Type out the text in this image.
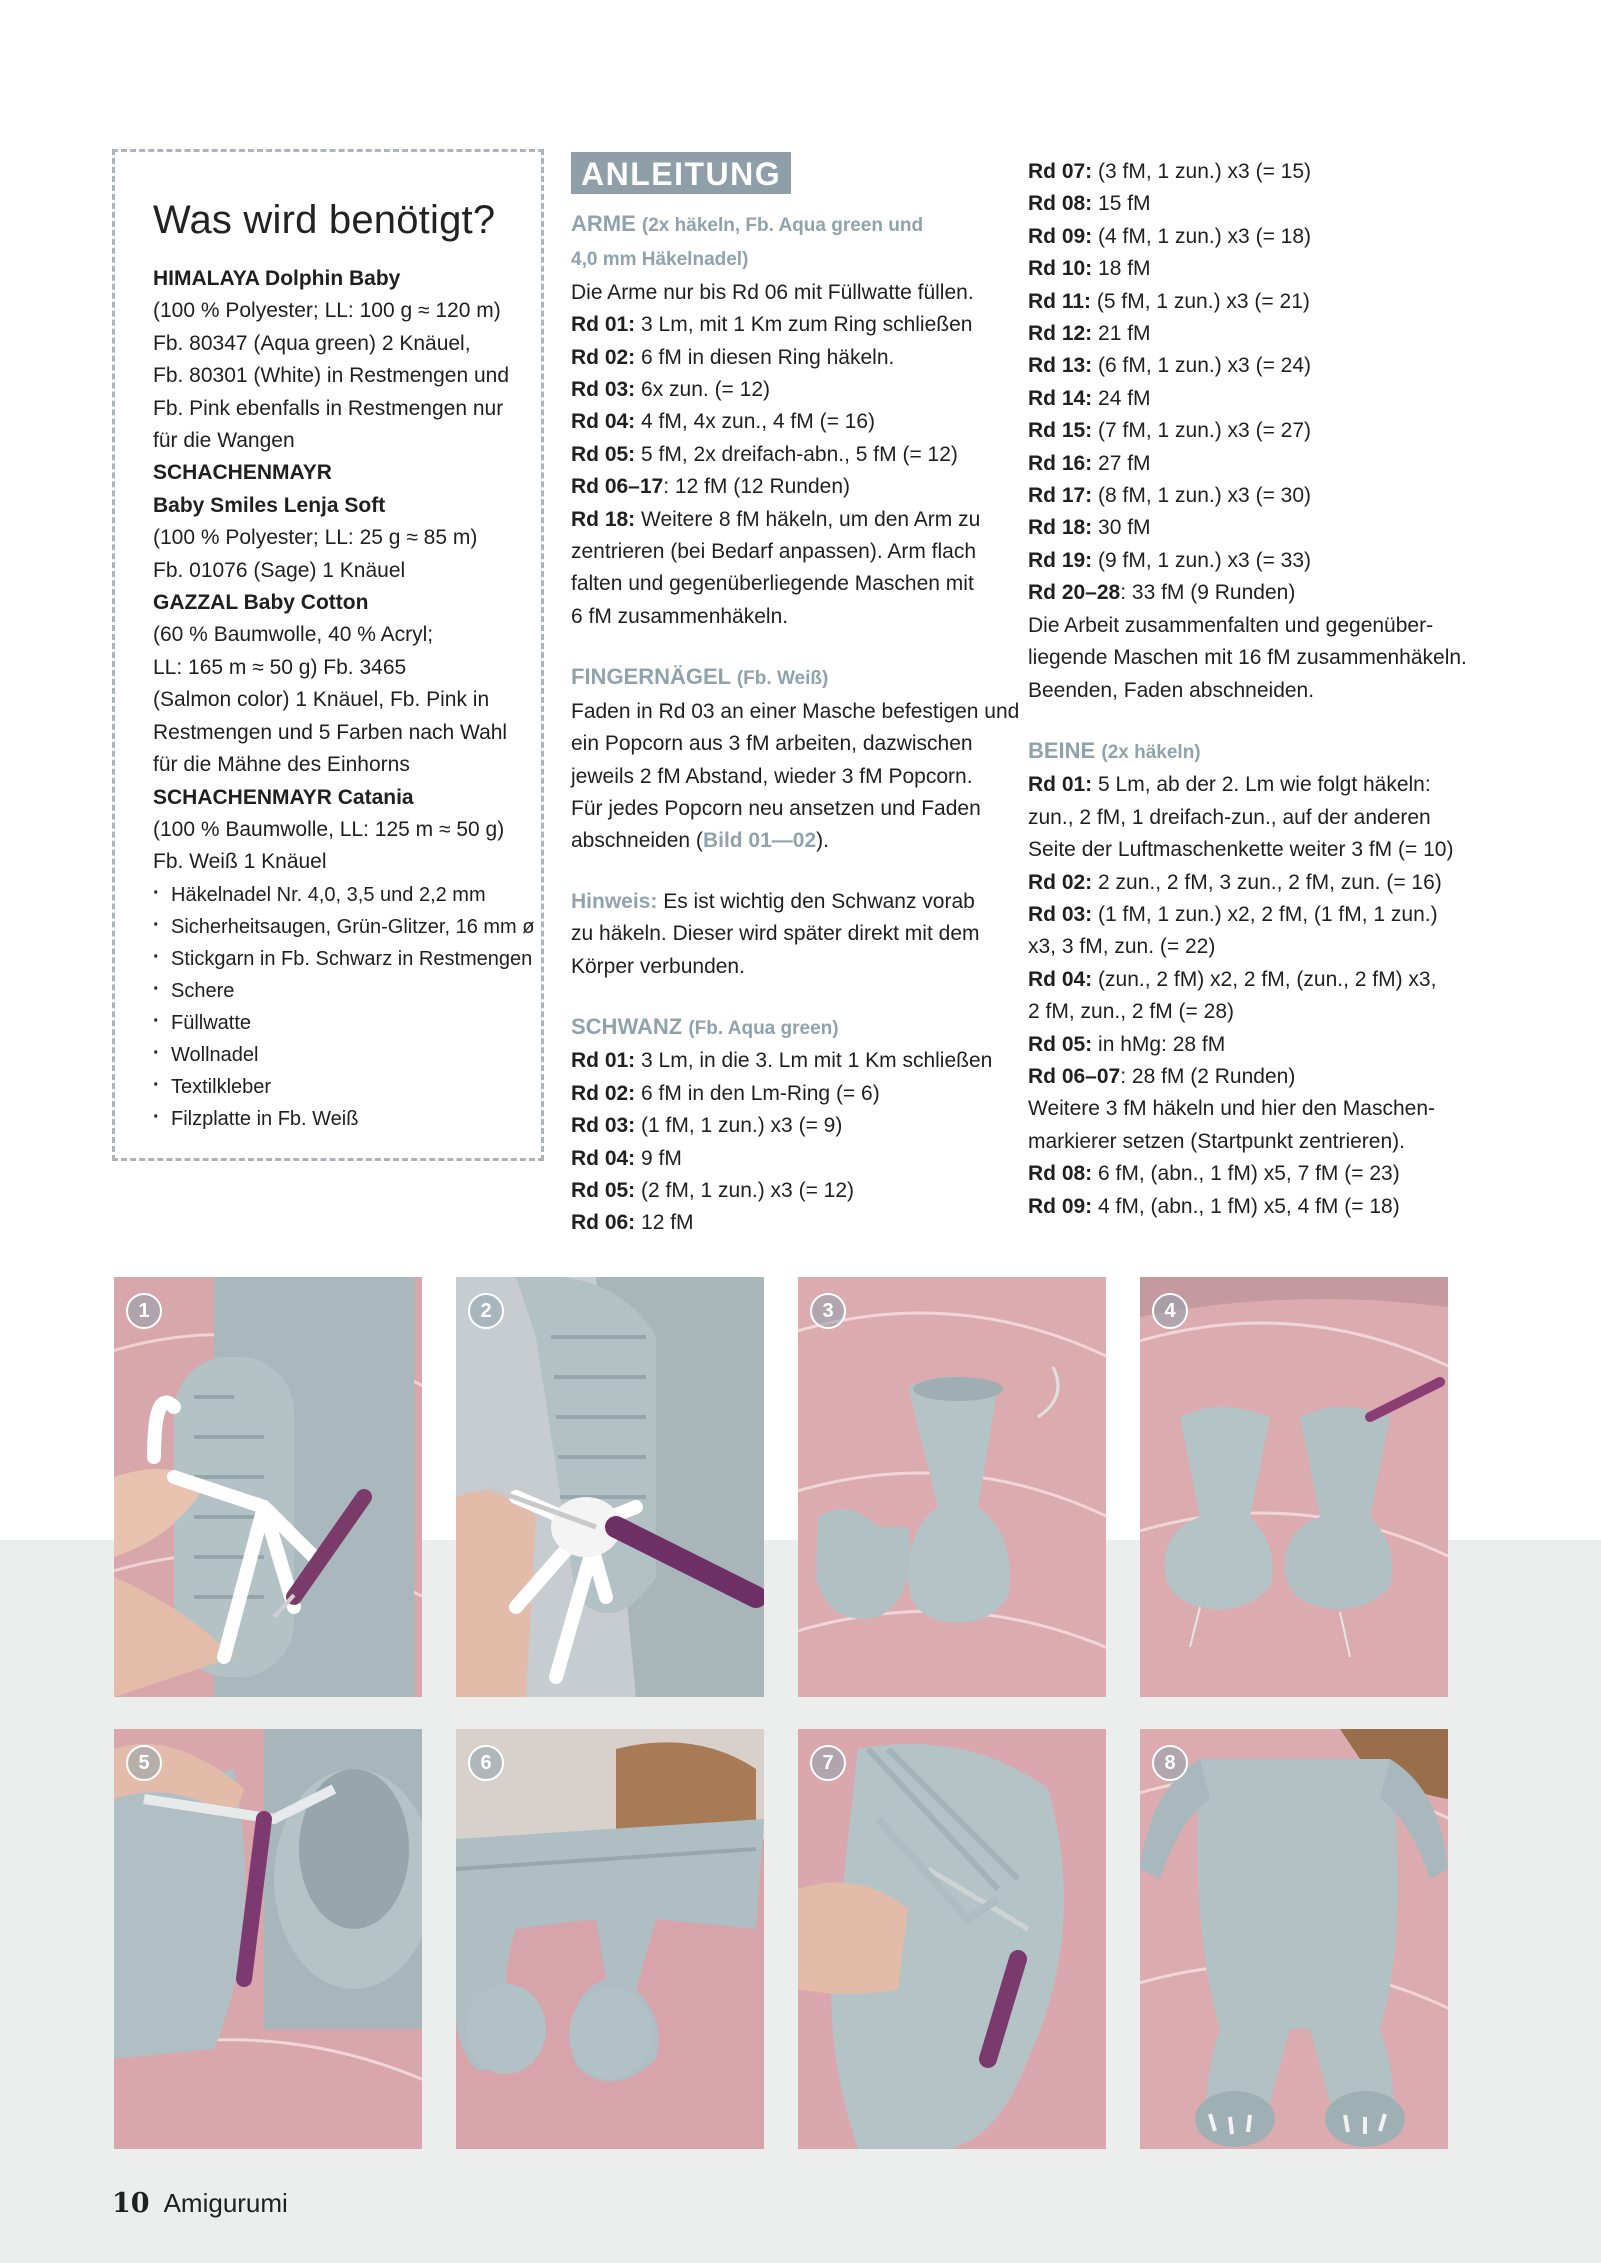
Was wird benötigt?
HIMALAYA Dolphin Baby
(100 % Polyester; LL: 100 g ≈ 120 m)
Fb. 80347 (Aqua green) 2 Knäuel,
Fb. 80301 (White) in Restmengen und
Fb. Pink ebenfalls in Restmengen nur
für die Wangen
SCHACHENMAYR
Baby Smiles Lenja Soft
(100 % Polyester; LL: 25 g ≈ 85 m)
Fb. 01076 (Sage) 1 Knäuel
GAZZAL Baby Cotton
(60 % Baumwolle, 40 % Acryl;
LL: 165 m ≈ 50 g) Fb. 3465
(Salmon color) 1 Knäuel, Fb. Pink in
Restmengen und 5 Farben nach Wahl
für die Mähne des Einhorns
SCHACHENMAYR Catania
(100 % Baumwolle, LL: 125 m ≈ 50 g)
Fb. Weiß 1 Knäuel
· Häkelnadel Nr. 4,0, 3,5 und 2,2 mm
· Sicherheitsaugen, Grün-Glitzer, 16 mm ø
· Stickgarn in Fb. Schwarz in Restmengen
· Schere
· Füllwatte
· Wollnadel
· Textilkleber
· Filzplatte in Fb. Weiß
ANLEITUNG
ARME (2x häkeln, Fb. Aqua green und
4,0 mm Häkelnadel)
Die Arme nur bis Rd 06 mit Füllwatte füllen.
Rd 01: 3 Lm, mit 1 Km zum Ring schließen
Rd 02: 6 fM in diesen Ring häkeln.
Rd 03: 6x zun. (= 12)
Rd 04: 4 fM, 4x zun., 4 fM (= 16)
Rd 05: 5 fM, 2x dreifach-abn., 5 fM (= 12)
Rd 06–17: 12 fM (12 Runden)
Rd 18: Weitere 8 fM häkeln, um den Arm zu
zentrieren (bei Bedarf anpassen). Arm flach
falten und gegenüberliegende Maschen mit
6 fM zusammenhäkeln.
FINGERNÄGEL (Fb. Weiß)
Faden in Rd 03 an einer Masche befestigen und
ein Popcorn aus 3 fM arbeiten, dazwischen
jeweils 2 fM Abstand, wieder 3 fM Popcorn.
Für jedes Popcorn neu ansetzen und Faden
abschneiden (Bild 01—02).
Hinweis: Es ist wichtig den Schwanz vorab
zu häkeln. Dieser wird später direkt mit dem
Körper verbunden.
SCHWANZ (Fb. Aqua green)
Rd 01: 3 Lm, in die 3. Lm mit 1 Km schließen
Rd 02: 6 fM in den Lm-Ring (= 6)
Rd 03: (1 fM, 1 zun.) x3 (= 9)
Rd 04: 9 fM
Rd 05: (2 fM, 1 zun.) x3 (= 12)
Rd 06: 12 fM
Rd 07: (3 fM, 1 zun.) x3 (= 15)
Rd 08: 15 fM
Rd 09: (4 fM, 1 zun.) x3 (= 18)
Rd 10: 18 fM
Rd 11: (5 fM, 1 zun.) x3 (= 21)
Rd 12: 21 fM
Rd 13: (6 fM, 1 zun.) x3 (= 24)
Rd 14: 24 fM
Rd 15: (7 fM, 1 zun.) x3 (= 27)
Rd 16: 27 fM
Rd 17: (8 fM, 1 zun.) x3 (= 30)
Rd 18: 30 fM
Rd 19: (9 fM, 1 zun.) x3 (= 33)
Rd 20–28: 33 fM (9 Runden)
Die Arbeit zusammenfalten und gegenüber-
liegende Maschen mit 16 fM zusammenhäkeln.
Beenden, Faden abschneiden.
BEINE (2x häkeln)
Rd 01: 5 Lm, ab der 2. Lm wie folgt häkeln:
zun., 2 fM, 1 dreifach-zun., auf der anderen
Seite der Luftmaschenkette weiter 3 fM (= 10)
Rd 02: 2 zun., 2 fM, 3 zun., 2 fM, zun. (= 16)
Rd 03: (1 fM, 1 zun.) x2, 2 fM, (1 fM, 1 zun.)
x3, 3 fM, zun. (= 22)
Rd 04: (zun., 2 fM) x2, 2 fM, (zun., 2 fM) x3,
2 fM, zun., 2 fM (= 28)
Rd 05: in hMg: 28 fM
Rd 06–07: 28 fM (2 Runden)
Weitere 3 fM häkeln und hier den Maschen-
markierer setzen (Startpunkt zentrieren).
Rd 08: 6 fM, (abn., 1 fM) x5, 7 fM (= 23)
Rd 09: 4 fM, (abn., 1 fM) x5, 4 fM (= 18)
1	2	3	4
5	6	7	8
10 Amigurumi
